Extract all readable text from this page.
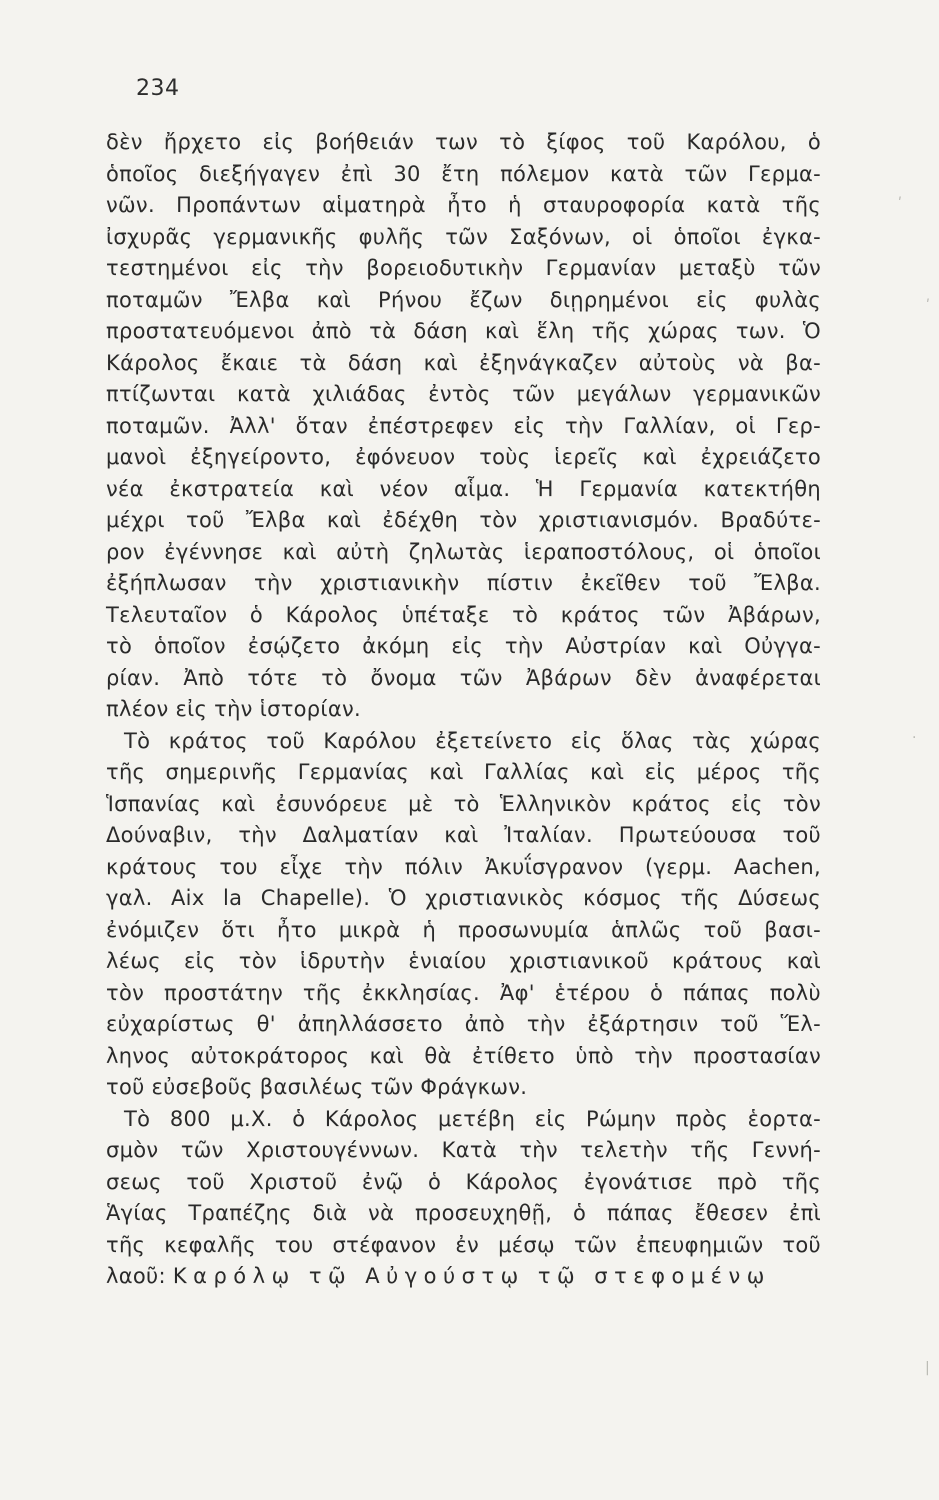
234
δὲν ἤρχετο εἰς βοήθειάν των τὸ ξίφος τοῦ Καρόλου, ὁ
ὁποῖος διεξήγαγεν ἐπὶ 30 ἔτη πόλεμον κατὰ τῶν Γερμα-
νῶν. Προπάντων αἱματηρὰ ἦτο ἡ σταυροφορία κατὰ τῆς
ἰσχυρᾶς γερμανικῆς φυλῆς τῶν Σαξόνων, οἱ ὁποῖοι ἐγκα-
τεστημένοι εἰς τὴν βορειοδυτικὴν Γερμανίαν μεταξὺ τῶν
ποταμῶν Ἔλβα καὶ Ρήνου ἔζων διῃρημένοι εἰς φυλὰς
προστατευόμενοι ἀπὸ τὰ δάση καὶ ἕλη τῆς χώρας των. Ὁ
Κάρολος ἔκαιε τὰ δάση καὶ ἐξηνάγκαζεν αὐτοὺς νὰ βα-
πτίζωνται κατὰ χιλιάδας ἐντὸς τῶν μεγάλων γερμανικῶν
ποταμῶν. Ἀλλ' ὅταν ἐπέστρεφεν εἰς τὴν Γαλλίαν, οἱ Γερ-
μανοὶ ἐξηγείροντο, ἐφόνευον τοὺς ἱερεῖς καὶ ἐχρειάζετο
νέα ἐκστρατεία καὶ νέον αἷμα. Ἡ Γερμανία κατεκτήθη
μέχρι τοῦ Ἔλβα καὶ ἐδέχθη τὸν χριστιανισμόν. Βραδύτε-
ρον ἐγέννησε καὶ αὐτὴ ζηλωτὰς ἱεραποστόλους, οἱ ὁποῖοι
ἐξήπλωσαν τὴν χριστιανικὴν πίστιν ἐκεῖθεν τοῦ Ἔλβα.
Τελευταῖον ὁ Κάρολος ὑπέταξε τὸ κράτος τῶν Ἀβάρων,
τὸ ὁποῖον ἐσῴζετο ἀκόμη εἰς τὴν Αὐστρίαν καὶ Οὐγγα-
ρίαν. Ἀπὸ τότε τὸ ὄνομα τῶν Ἀβάρων δὲν ἀναφέρεται
πλέον εἰς τὴν ἱστορίαν.
Τὸ κράτος τοῦ Καρόλου ἐξετείνετο εἰς ὅλας τὰς χώρας
τῆς σημερινῆς Γερμανίας καὶ Γαλλίας καὶ εἰς μέρος τῆς
Ἱσπανίας καὶ ἐσυνόρευε μὲ τὸ Ἑλληνικὸν κράτος εἰς τὸν
Δούναβιν, τὴν Δαλματίαν καὶ Ἰταλίαν. Πρωτεύουσα τοῦ
κράτους του εἶχε τὴν πόλιν Ἀκυΐσγρανον (γερμ. Aachen,
γαλ. Aix la Chapelle). Ὁ χριστιανικὸς κόσμος τῆς Δύσεως
ἐνόμιζεν ὅτι ἦτο μικρὰ ἡ προσωνυμία ἁπλῶς τοῦ βασι-
λέως εἰς τὸν ἱδρυτὴν ἑνιαίου χριστιανικοῦ κράτους καὶ
τὸν προστάτην τῆς ἐκκλησίας. Ἀφ' ἑτέρου ὁ πάπας πολὺ
εὐχαρίστως θ' ἀπηλλάσσετο ἀπὸ τὴν ἐξάρτησιν τοῦ Ἕλ-
ληνος αὐτοκράτορος καὶ θὰ ἐτίθετο ὑπὸ τὴν προστασίαν
τοῦ εὐσεβοῦς βασιλέως τῶν Φράγκων.
Τὸ 800 μ.Χ. ὁ Κάρολος μετέβη εἰς Ρώμην πρὸς ἑορτα-
σμὸν τῶν Χριστουγέννων. Κατὰ τὴν τελετὴν τῆς Γεννή-
σεως τοῦ Χριστοῦ ἐνῷ ὁ Κάρολος ἐγονάτισε πρὸ τῆς
Ἁγίας Τραπέζης διὰ νὰ προσευχηθῇ, ὁ πάπας ἔθεσεν ἐπὶ
τῆς κεφαλῆς του στέφανον ἐν μέσῳ τῶν ἐπευφημιῶν τοῦ
λαοῦ: Καρόλῳ τῷ Αὐγούστῳ τῷ στεφομένῳ
ʹ
ʹ
·
|
